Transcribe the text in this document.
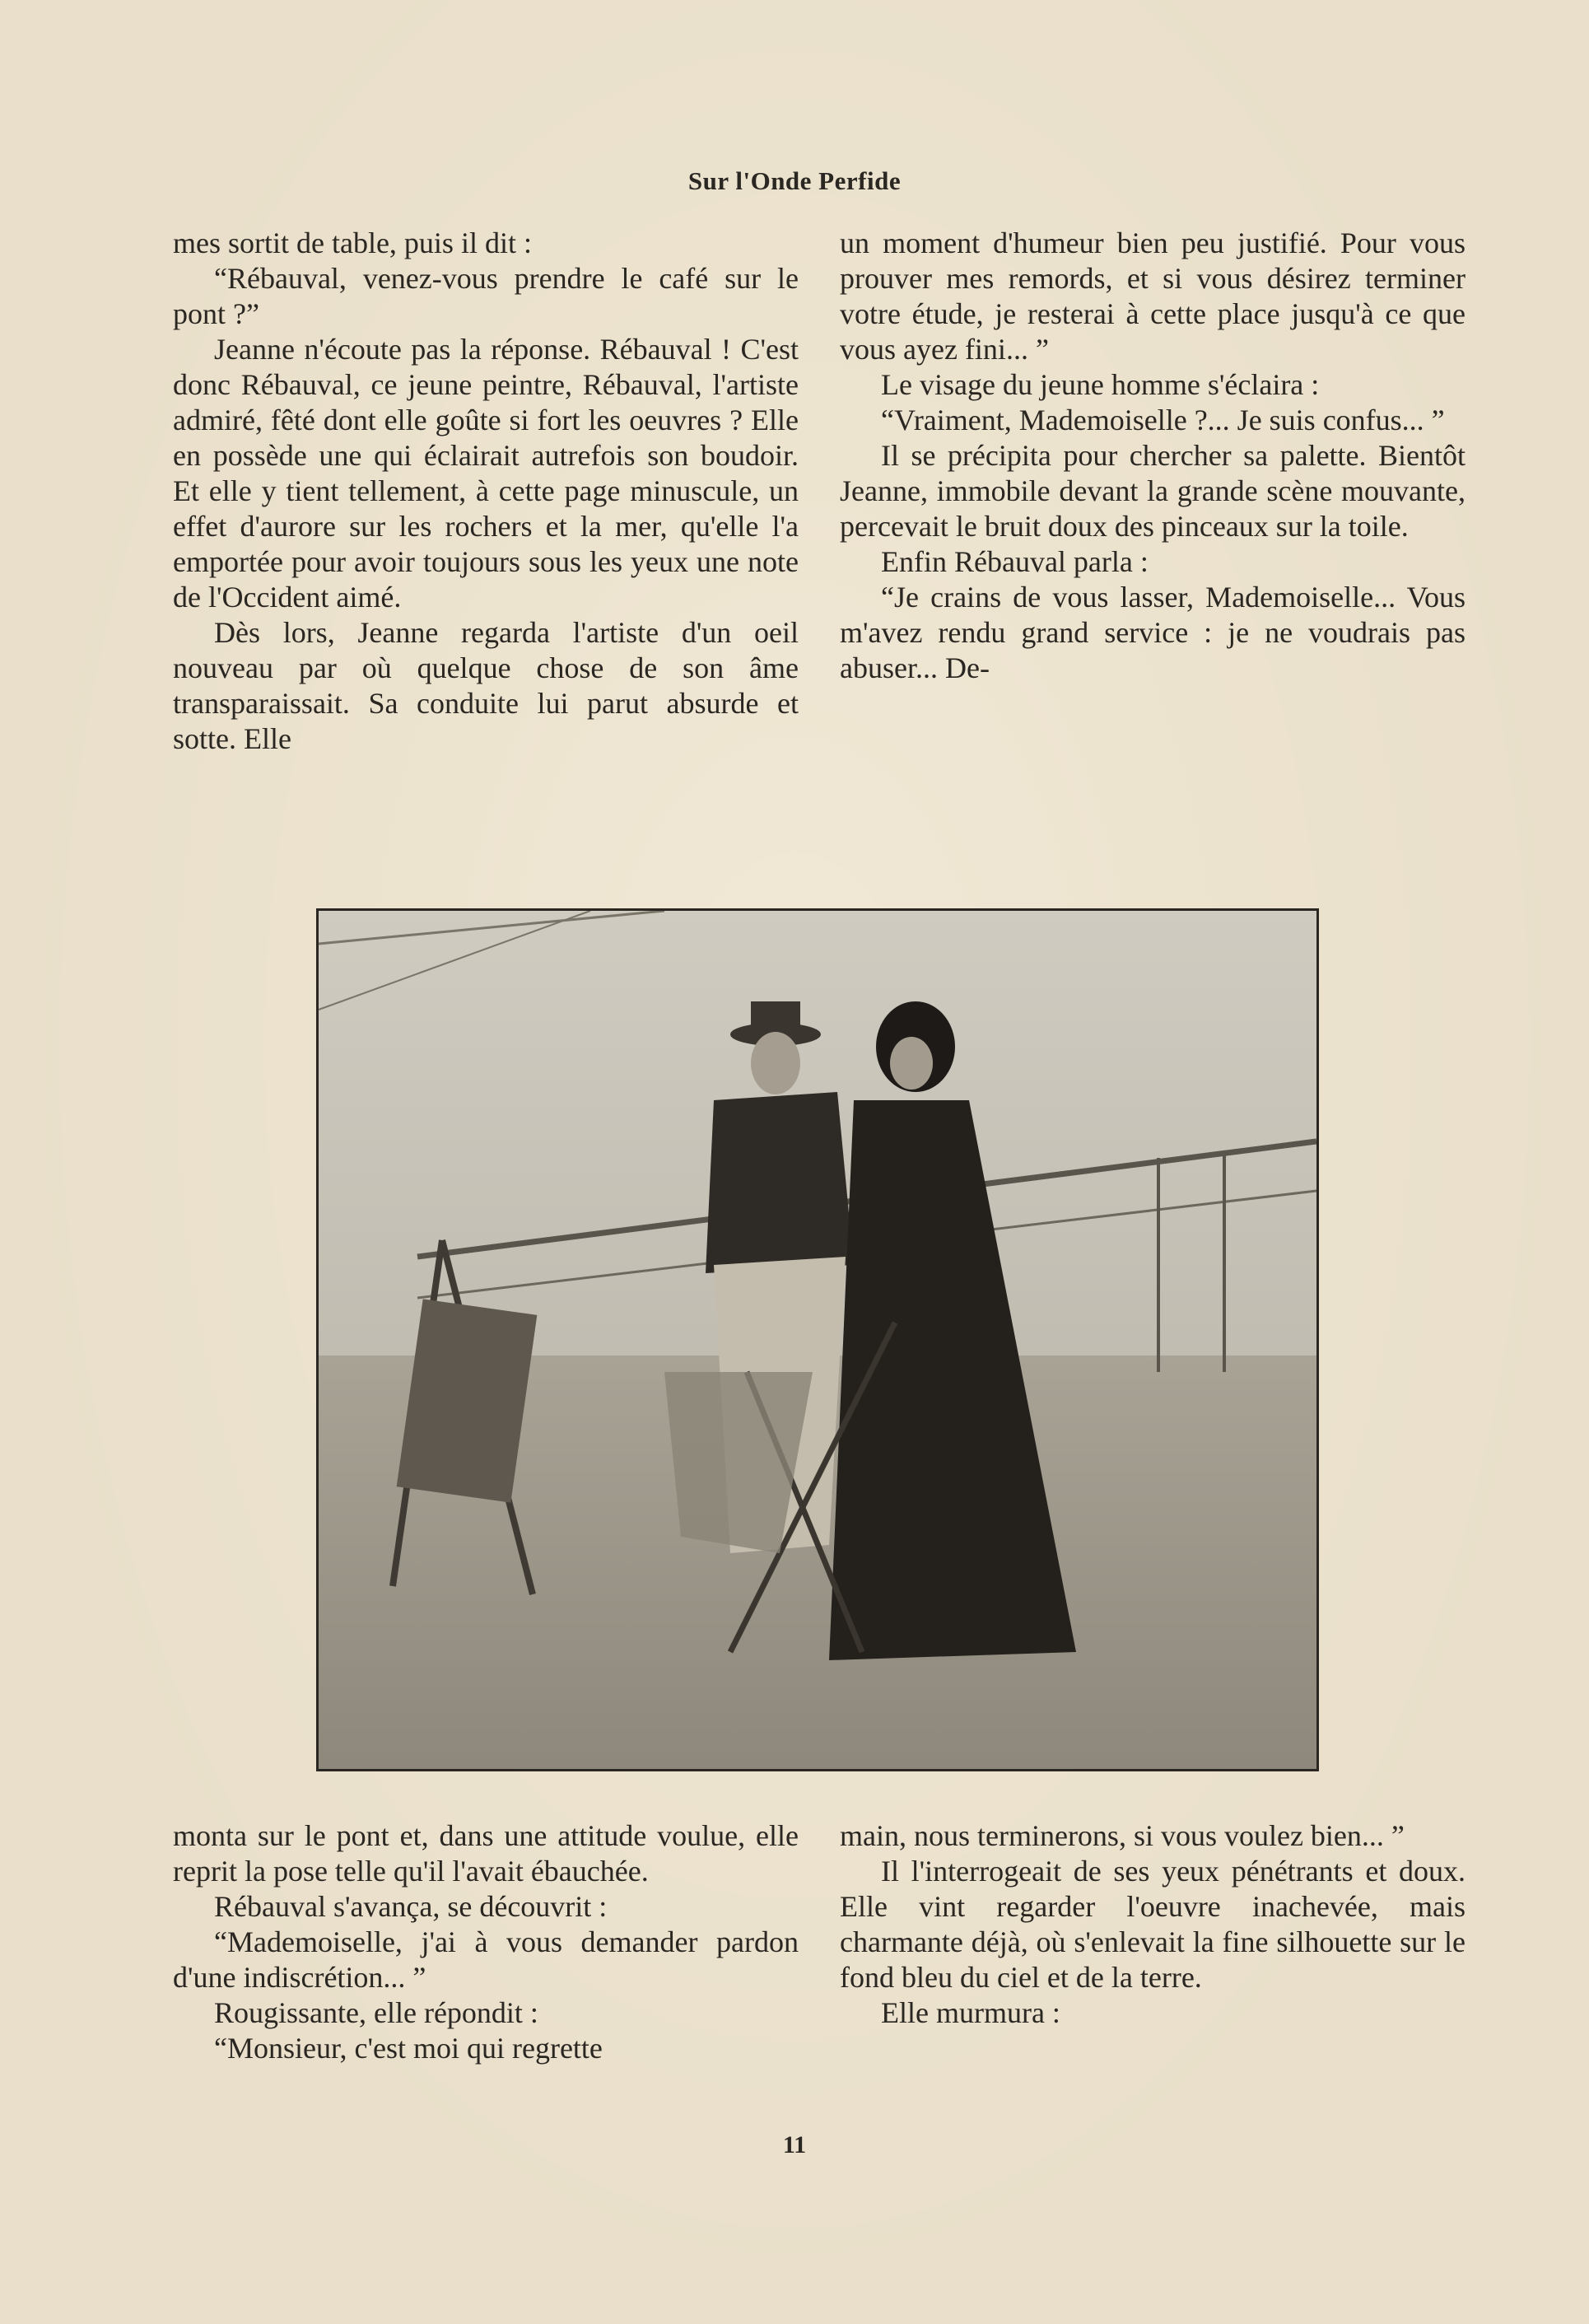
Sur l'Onde Perfide

mes sortit de table, puis il dit :

“Rébauval, venez-vous prendre le café sur le pont ?”

Jeanne n'écoute pas la réponse. Rébauval ! C'est donc Rébauval, ce jeune peintre, Rébauval, l'artiste admiré, fêté dont elle goûte si fort les oeuvres ? Elle en possède une qui éclairait autrefois son boudoir. Et elle y tient tellement, à cette page minuscule, un effet d'aurore sur les rochers et la mer, qu'elle l'a emportée pour avoir toujours sous les yeux une note de l'Occident aimé.

Dès lors, Jeanne regarda l'artiste d'un oeil nouveau par où quelque chose de son âme transparaissait. Sa conduite lui parut absurde et sotte. Elle

un moment d'humeur bien peu justifié. Pour vous prouver mes remords, et si vous désirez terminer votre étude, je resterai à cette place jusqu'à ce que vous ayez fini... ”

Le visage du jeune homme s'éclaira :

“Vraiment, Mademoiselle ?... Je suis confus... ”

Il se précipita pour chercher sa palette. Bientôt Jeanne, immobile devant la grande scène mouvante, percevait le bruit doux des pinceaux sur la toile.

Enfin Rébauval parla :

“Je crains de vous lasser, Mademoiselle... Vous m'avez rendu grand service : je ne voudrais pas abuser... De-

monta sur le pont et, dans une attitude voulue, elle reprit la pose telle qu'il l'avait ébauchée.

Rébauval s'avança, se découvrit :

“Mademoiselle, j'ai à vous demander pardon d'une indiscrétion... ”

Rougissante, elle répondit :

“Monsieur, c'est moi qui regrette

main, nous terminerons, si vous voulez bien... ”

Il l'interrogeait de ses yeux pénétrants et doux. Elle vint regarder l'oeuvre inachevée, mais charmante déjà, où s'enlevait la fine silhouette sur le fond bleu du ciel et de la terre.

Elle murmura :

11
